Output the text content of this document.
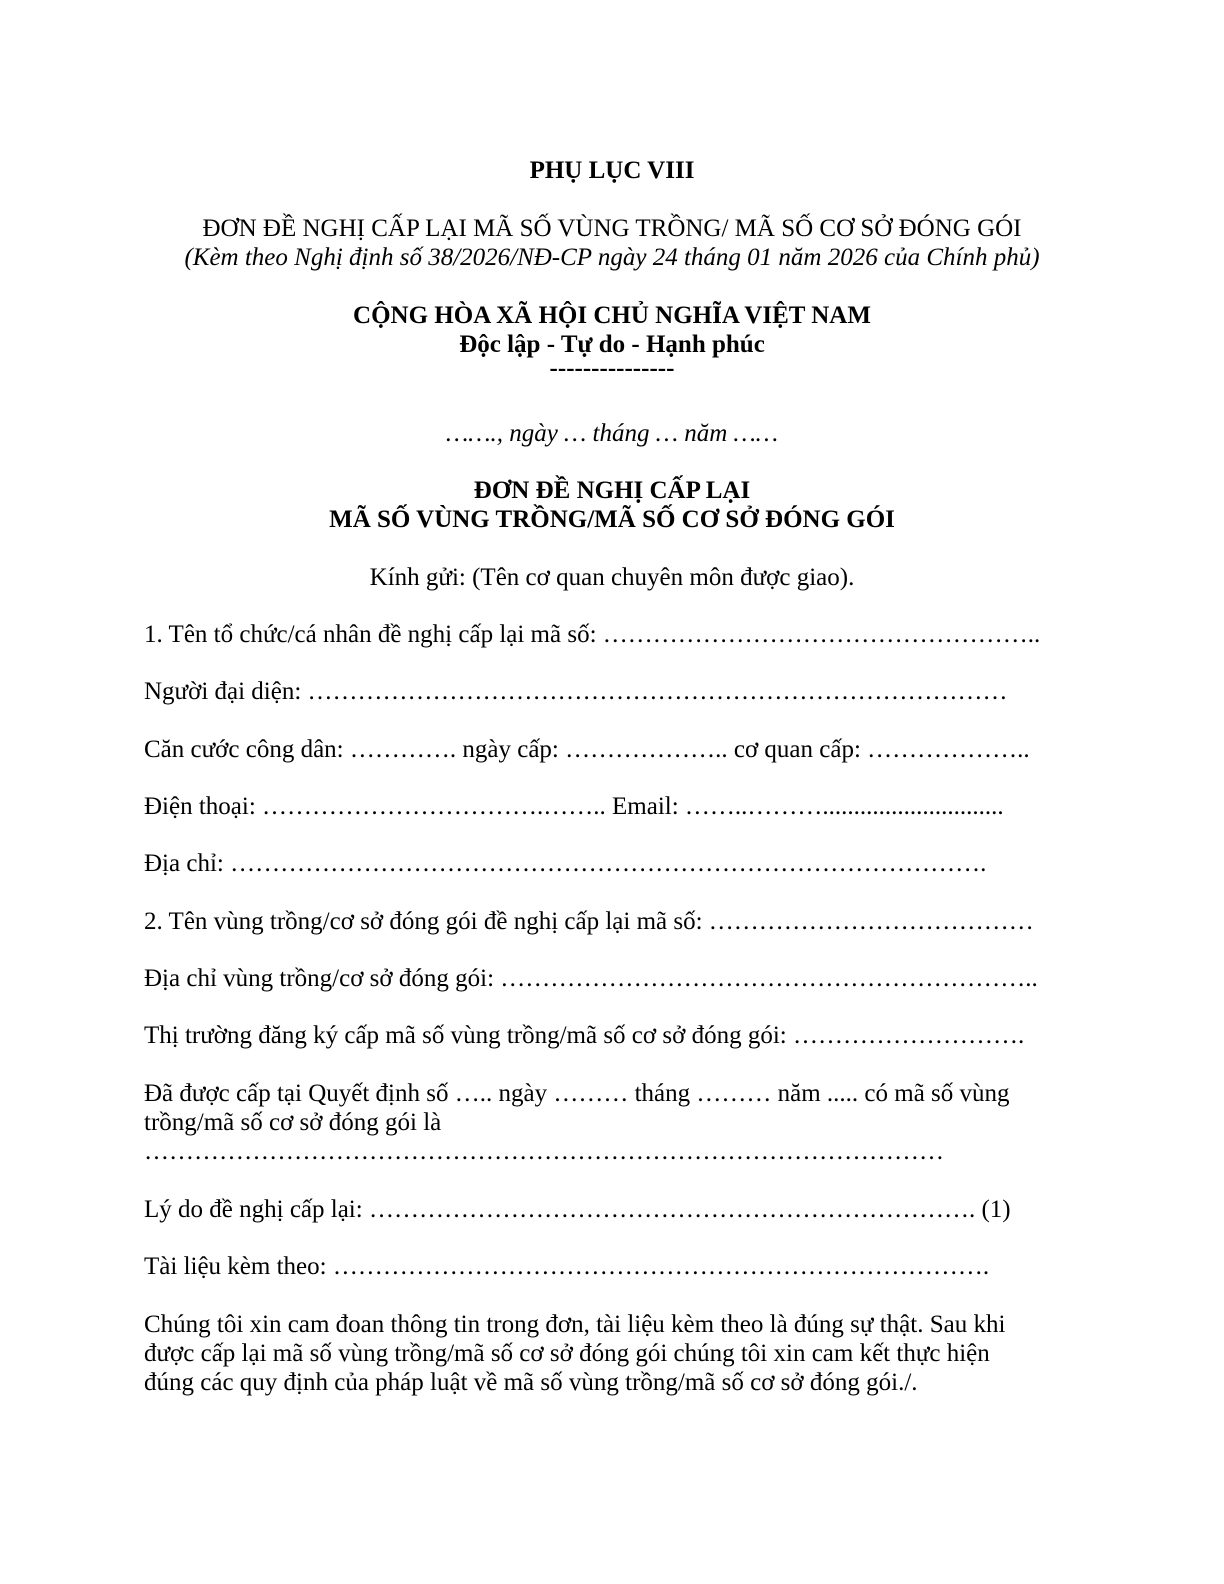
PHỤ LỤC VIII
ĐƠN ĐỀ NGHỊ CẤP LẠI MÃ SỐ VÙNG TRỒNG/ MÃ SỐ CƠ SỞ ĐÓNG GÓI
(Kèm theo Nghị định số 38/2026/NĐ-CP ngày 24 tháng 01 năm 2026 của Chính phủ)
CỘNG HÒA XÃ HỘI CHỦ NGHĨA VIỆT NAM
Độc lập - Tự do - Hạnh phúc
---------------
……., ngày … tháng … năm ……
ĐƠN ĐỀ NGHỊ CẤP LẠI
MÃ SỐ VÙNG TRỒNG/MÃ SỐ CƠ SỞ ĐÓNG GÓI
Kính gửi: (Tên cơ quan chuyên môn được giao).
1. Tên tổ chức/cá nhân đề nghị cấp lại mã số: ……………………………………………..
Người đại diện: …………………………………………………………………………
Căn cước công dân: …………. ngày cấp: ……………….. cơ quan cấp: ………………..
Điện thoại: …………………………….…….. Email: ……..……….............................
Địa chỉ: ……………………………………………………………………………….
2. Tên vùng trồng/cơ sở đóng gói đề nghị cấp lại mã số: …………………………………
Địa chỉ vùng trồng/cơ sở đóng gói: ………………………………………………………..
Thị trường đăng ký cấp mã số vùng trồng/mã số cơ sở đóng gói: ……………………….
Đã được cấp tại Quyết định số ….. ngày ……… tháng ……… năm ..... có mã số vùng
trồng/mã số cơ sở đóng gói là
……………………………………………………………………………………
Lý do đề nghị cấp lại: ………………………………………………………………. (1)
Tài liệu kèm theo: …………………………………………………………………….
Chúng tôi xin cam đoan thông tin trong đơn, tài liệu kèm theo là đúng sự thật. Sau khi
được cấp lại mã số vùng trồng/mã số cơ sở đóng gói chúng tôi xin cam kết thực hiện
đúng các quy định của pháp luật về mã số vùng trồng/mã số cơ sở đóng gói./.
